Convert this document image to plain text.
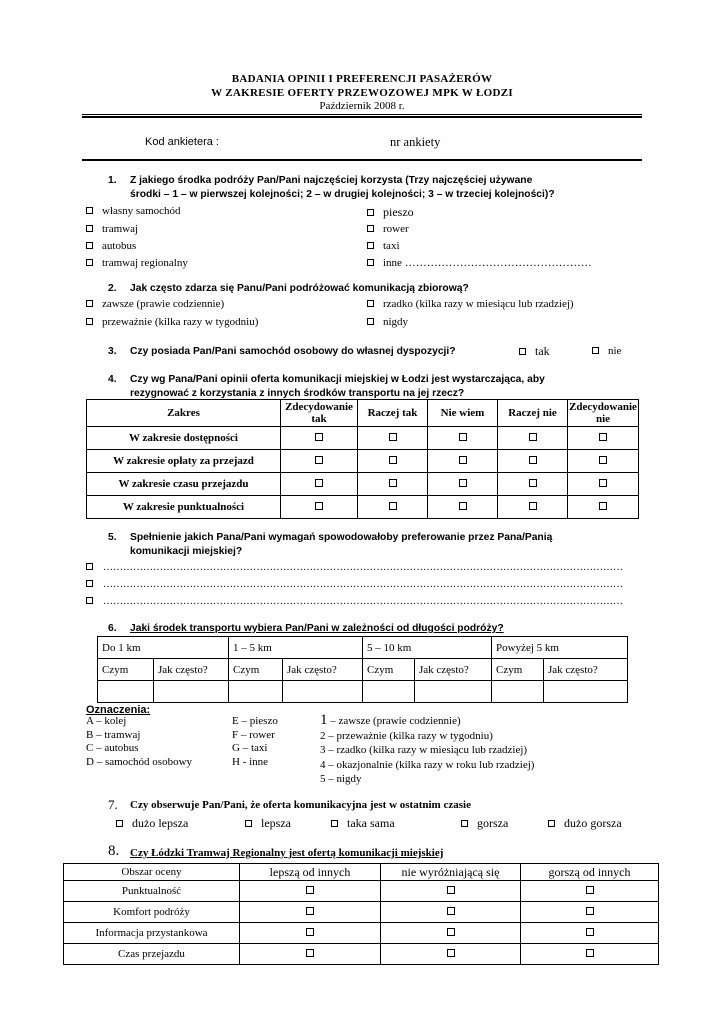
BADANIA OPINII I PREFERENCJI PASAŻERÓW
W ZAKRESIE OFERTY PRZEWOZOWEJ MPK W ŁODZI
Październik 2008 r.
Kod ankietera :	nr ankiety
1. Z jakiego środka podróży Pan/Pani najczęściej korzysta (Trzy najczęściej używane
środki – 1 – w pierwszej kolejności; 2 – w drugiej kolejności; 3 – w trzeciej kolejności)?
własny samochód
tramwaj
autobus
tramwaj regionalny
pieszo
rower
taxi
inne ……………………………………………
2. Jak często zdarza się Panu/Pani podróżować komunikacją zbiorową?
zawsze (prawie codziennie)
przeważnie (kilka razy w tygodniu)
rzadko (kilka razy w miesiącu lub rzadziej)
nigdy
3. Czy posiada Pan/Pani samochód osobowy do własnej dyspozycji?	tak	nie
4. Czy wg Pana/Pani opinii oferta komunikacji miejskiej w Łodzi jest wystarczająca, aby
rezygnować z korzystania z innych środków transportu na jej rzecz?
Zakres	Zdecydowanie tak	Raczej tak	Nie wiem	Raczej nie	Zdecydowanie nie
W zakresie dostępności					
W zakresie opłaty za przejazd					
W zakresie czasu przejazdu					
W zakresie punktualności					
5. Spełnienie jakich Pana/Pani wymagań spowodowałoby preferowanie przez Pana/Panią
komunikacji miejskiej?
…………………………………………………………………………………………………………………………………………
…………………………………………………………………………………………………………………………………………
…………………………………………………………………………………………………………………………………………
6. Jaki środek transportu wybiera Pan/Pani w zależności od długości podróży?
Do 1 km		1 – 5 km		5 – 10 km		Powyżej 5 km	
Czym	Jak często?	Czym	Jak często?	Czym	Jak często?	Czym	Jak często?

Oznaczenia:
A – kolej
B – tramwaj
C – autobus
D – samochód osobowy
E – pieszo
F – rower
G – taxi
H - inne
1 – zawsze (prawie codziennie)
2 – przeważnie (kilka razy w tygodniu)
3 – rzadko (kilka razy w miesiącu lub rzadziej)
4 – okazjonalnie (kilka razy w roku lub rzadziej)
5 – nigdy
7. Czy obserwuje Pan/Pani, że oferta komunikacyjna jest w ostatnim czasie
dużo lepsza	lepsza	taka sama	gorsza	dużo gorsza
8. Czy Łódzki Tramwaj Regionalny jest ofertą komunikacji miejskiej
Obszar oceny	lepszą od innych	nie wyróżniającą się	gorszą od innych
Punktualność			
Komfort podróży			
Informacja przystankowa			
Czas przejazdu			
